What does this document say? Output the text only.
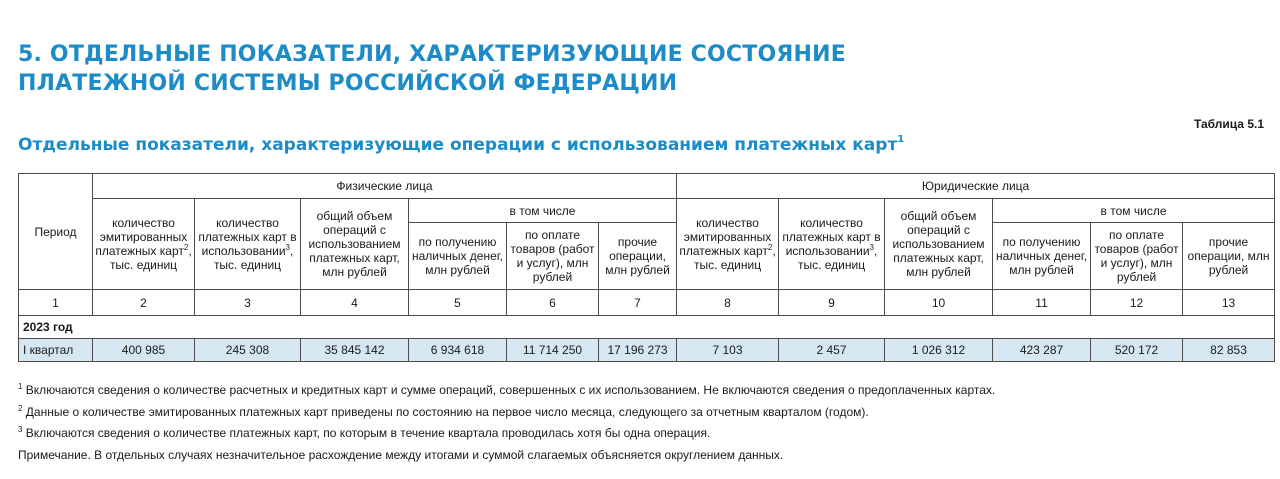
5. ОТДЕЛЬНЫЕ ПОКАЗАТЕЛИ, ХАРАКТЕРИЗУЮЩИЕ СОСТОЯНИЕ
ПЛАТЕЖНОЙ СИСТЕМЫ РОССИЙСКОЙ ФЕДЕРАЦИИ
Таблица 5.1
Отдельные показатели, характеризующие операции с использованием платежных карт$^1$
Период	Физические лица						Юридические лица					
	количество эмитированных платежных карт$^2$, тыс. единиц	количество платежных карт в использовании$^3$, тыс. единиц	общий объем операций с использованием платежных карт, млн рублей	в том числе			количество эмитированных платежных карт$^2$, тыс. единиц	количество платежных карт в использовании$^3$, тыс. единиц	общий объем операций с использованием платежных карт, млн рублей	в том числе		
				по получению наличных денег, млн рублей	по оплате товаров (работ и услуг), млн рублей	прочие операции, млн рублей				по получению наличных денег, млн рублей	по оплате товаров (работ и услуг), млн рублей	прочие операции, млн рублей
1	2	3	4	5	6	7	8	9	10	11	12	13
2023 год												
I квартал	400 985	245 308	35 845 142	6 934 618	11 714 250	17 196 273	7 103	2 457	1 026 312	423 287	520 172	82 853

$^1$ Включаются сведения о количестве расчетных и кредитных карт и сумме операций, совершенных с их использованием. Не включаются сведения о предоплаченных картах.

$^2$ Данные о количестве эмитированных платежных карт приведены по состоянию на первое число месяца, следующего за отчетным кварталом (годом).

$^3$ Включаются сведения о количестве платежных карт, по которым в течение квартала проводилась хотя бы одна операция.

Примечание. В отдельных случаях незначительное расхождение между итогами и суммой слагаемых объясняется округлением данных.
